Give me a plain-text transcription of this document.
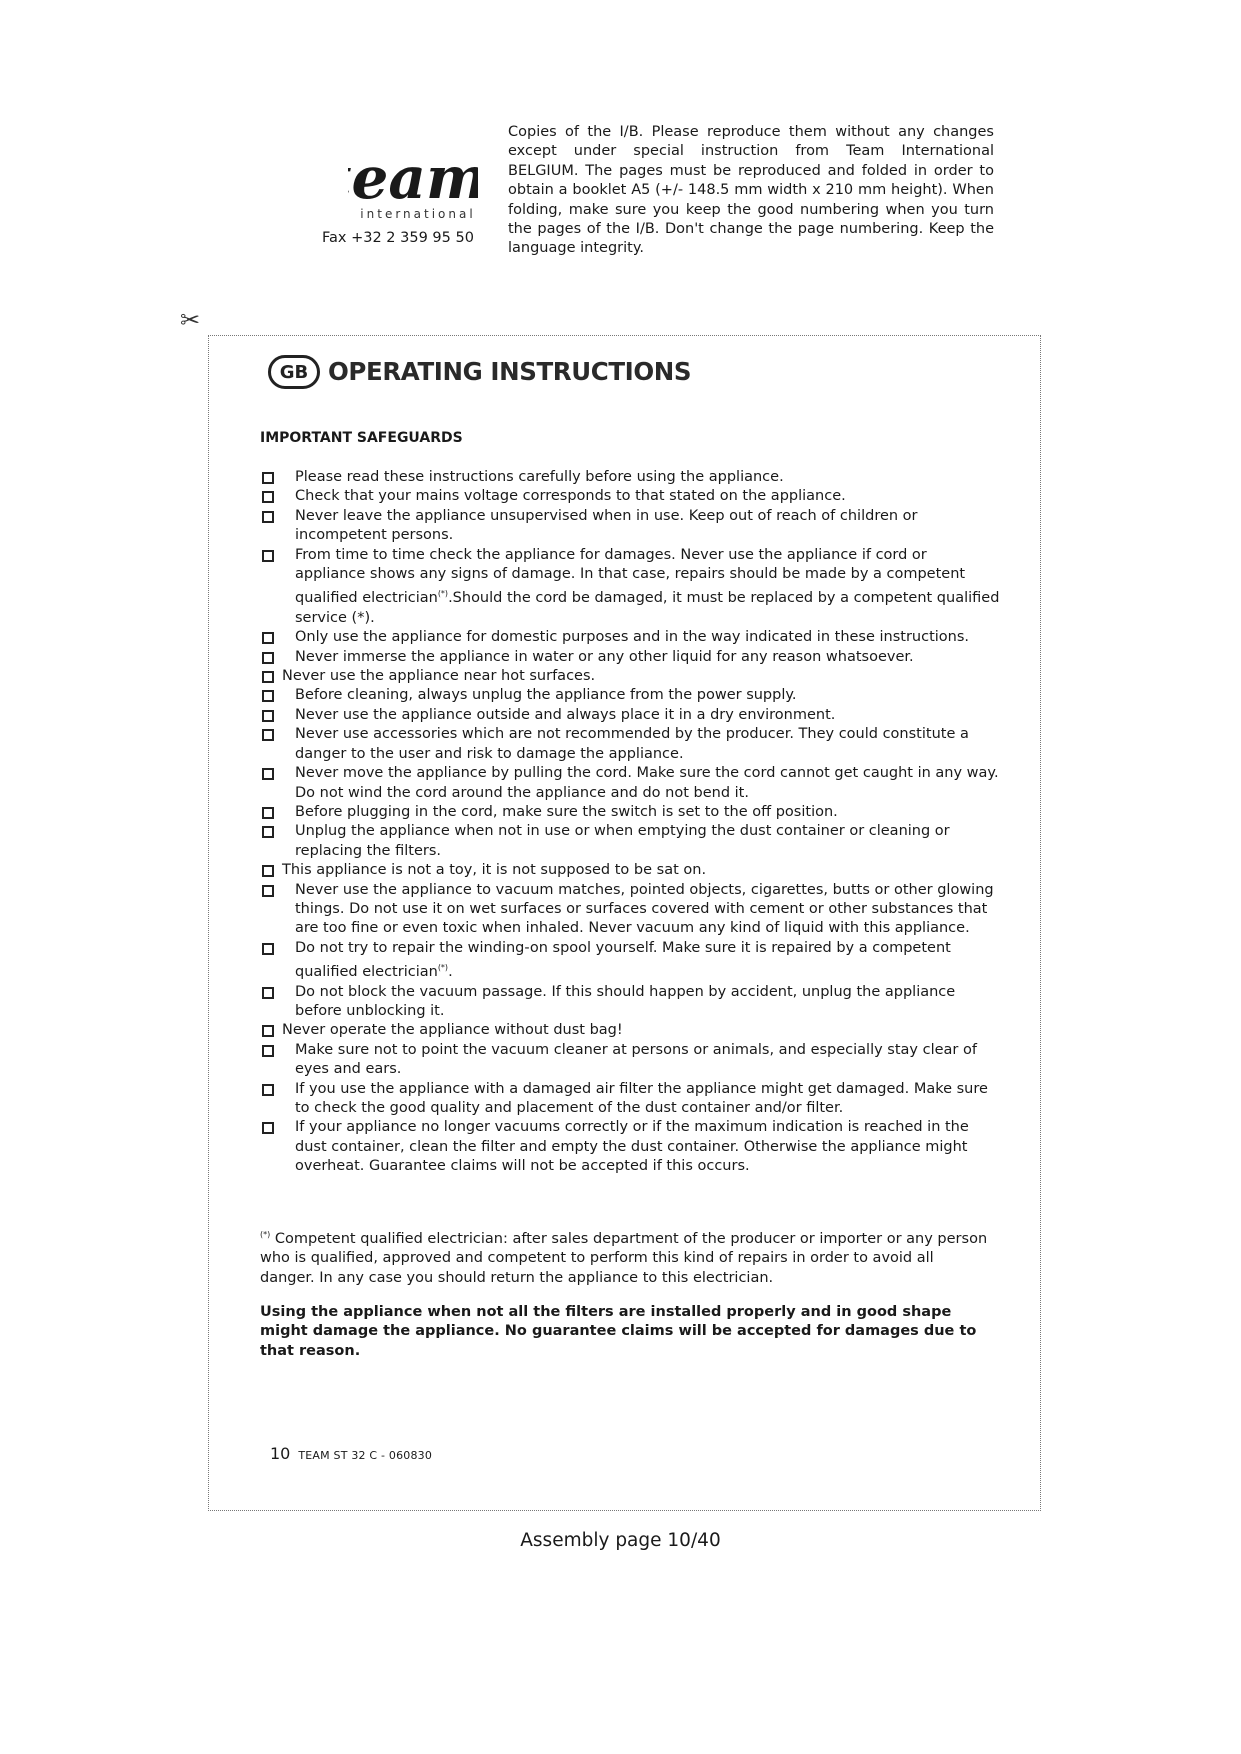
eam
international
Fax +32 2 359 95 50
Copies of the I/B. Please reproduce them without any changes except under special instruction from Team International BELGIUM. The pages must be reproduced and folded in order to obtain a booklet A5 (+/- 148.5 mm width x 210 mm height). When folding, make sure you keep the good numbering when you turn the pages of the I/B. Don't change the page numbering. Keep the language integrity.
✂
GB OPERATING INSTRUCTIONS
IMPORTANT SAFEGUARDS
Please read these instructions carefully before using the appliance.
Check that your mains voltage corresponds to that stated on the appliance.
Never leave the appliance unsupervised when in use. Keep out of reach of children or incompetent persons.
From time to time check the appliance for damages. Never use the appliance if cord or appliance shows any signs of damage. In that case, repairs should be made by a competent qualified electrician(*).Should the cord be damaged, it must be replaced by a competent qualified service (*).
Only use the appliance for domestic purposes and in the way indicated in these instructions.
Never immerse the appliance in water or any other liquid for any reason whatsoever.
Never use the appliance near hot surfaces.
Before cleaning, always unplug the appliance from the power supply.
Never use the appliance outside and always place it in a dry environment.
Never use accessories which are not recommended by the producer. They could constitute a danger to the user and risk to damage the appliance.
Never move the appliance by pulling the cord. Make sure the cord cannot get caught in any way. Do not wind the cord around the appliance and do not bend it.
Before plugging in the cord, make sure the switch is set to the off position.
Unplug the appliance when not in use or when emptying the dust container or cleaning or replacing the filters.
This appliance is not a toy, it is not supposed to be sat on.
Never use the appliance to vacuum matches, pointed objects, cigarettes, butts or other glowing things. Do not use it on wet surfaces or surfaces covered with cement or other substances that are too fine or even toxic when inhaled. Never vacuum any kind of liquid with this appliance.
Do not try to repair the winding-on spool yourself. Make sure it is repaired by a competent qualified electrician(*).
Do not block the vacuum passage. If this should happen by accident, unplug the appliance before unblocking it.
Never operate the appliance without dust bag!
Make sure not to point the vacuum cleaner at persons or animals, and especially stay clear of eyes and ears.
If you use the appliance with a damaged air filter the appliance might get damaged. Make sure to check the good quality and placement of the dust container and/or filter.
If your appliance no longer vacuums correctly or if the maximum indication is reached in the dust container, clean the filter and empty the dust container. Otherwise the appliance might overheat. Guarantee claims will not be accepted if this occurs.
(*) Competent qualified electrician: after sales department of the producer or importer or any person who is qualified, approved and competent to perform this kind of repairs in order to avoid all danger. In any case you should return the appliance to this electrician.
Using the appliance when not all the filters are installed properly and in good shape might damage the appliance. No guarantee claims will be accepted for damages due to that reason.
10 TEAM ST 32 C - 060830
Assembly page 10/40
